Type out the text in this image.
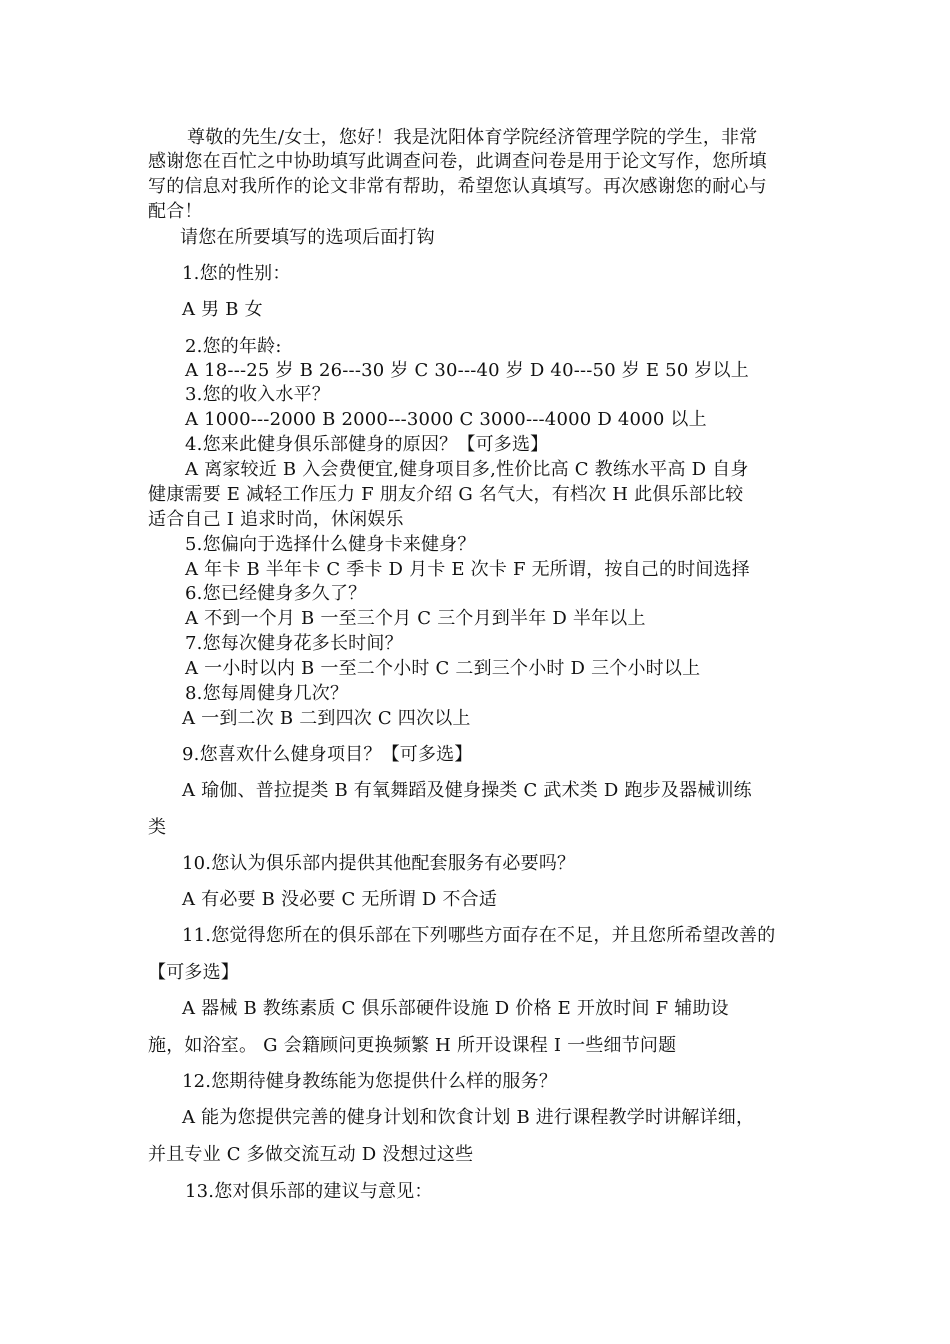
尊敬的先生/女士，您好！我是沈阳体育学院经济管理学院的学生，非常
感谢您在百忙之中协助填写此调查问卷，此调查问卷是用于论文写作，您所填
写的信息对我所作的论文非常有帮助，希望您认真填写。再次感谢您的耐心与
配合！
请您在所要填写的选项后面打钩
1.您的性别：
A 男 B 女
2.您的年龄:
A 18---25 岁 B 26---30 岁 C 30---40 岁 D 40---50 岁 E 50 岁以上
3.您的收入水平？
A 1000---2000 B 2000---3000 C 3000---4000 D 4000 以上
4.您来此健身俱乐部健身的原因？【可多选】
A 离家较近 B 入会费便宜,健身项目多,性价比高 C 教练水平高 D 自身
健康需要 E 减轻工作压力 F 朋友介绍 G 名气大，有档次 H 此俱乐部比较
适合自己 I 追求时尚，休闲娱乐
5.您偏向于选择什么健身卡来健身？
A 年卡 B 半年卡 C 季卡 D 月卡 E 次卡 F 无所谓，按自己的时间选择
6.您已经健身多久了？
A 不到一个月 B 一至三个月 C 三个月到半年 D 半年以上
7.您每次健身花多长时间？
A 一小时以内 B 一至二个小时 C 二到三个小时 D 三个小时以上
8.您每周健身几次？
A 一到二次 B 二到四次 C 四次以上
9.您喜欢什么健身项目？【可多选】
A 瑜伽、普拉提类 B 有氧舞蹈及健身操类 C 武术类 D 跑步及器械训练
类
10.您认为俱乐部内提供其他配套服务有必要吗？
A 有必要 B 没必要 C 无所谓 D 不合适
11.您觉得您所在的俱乐部在下列哪些方面存在不足，并且您所希望改善的
【可多选】
A 器械 B 教练素质 C 俱乐部硬件设施 D 价格 E 开放时间 F 辅助设
施，如浴室。 G 会籍顾问更换频繁 H 所开设课程 I 一些细节问题
12.您期待健身教练能为您提供什么样的服务？
A 能为您提供完善的健身计划和饮食计划 B 进行课程教学时讲解详细，
并且专业 C 多做交流互动 D 没想过这些
13.您对俱乐部的建议与意见：
